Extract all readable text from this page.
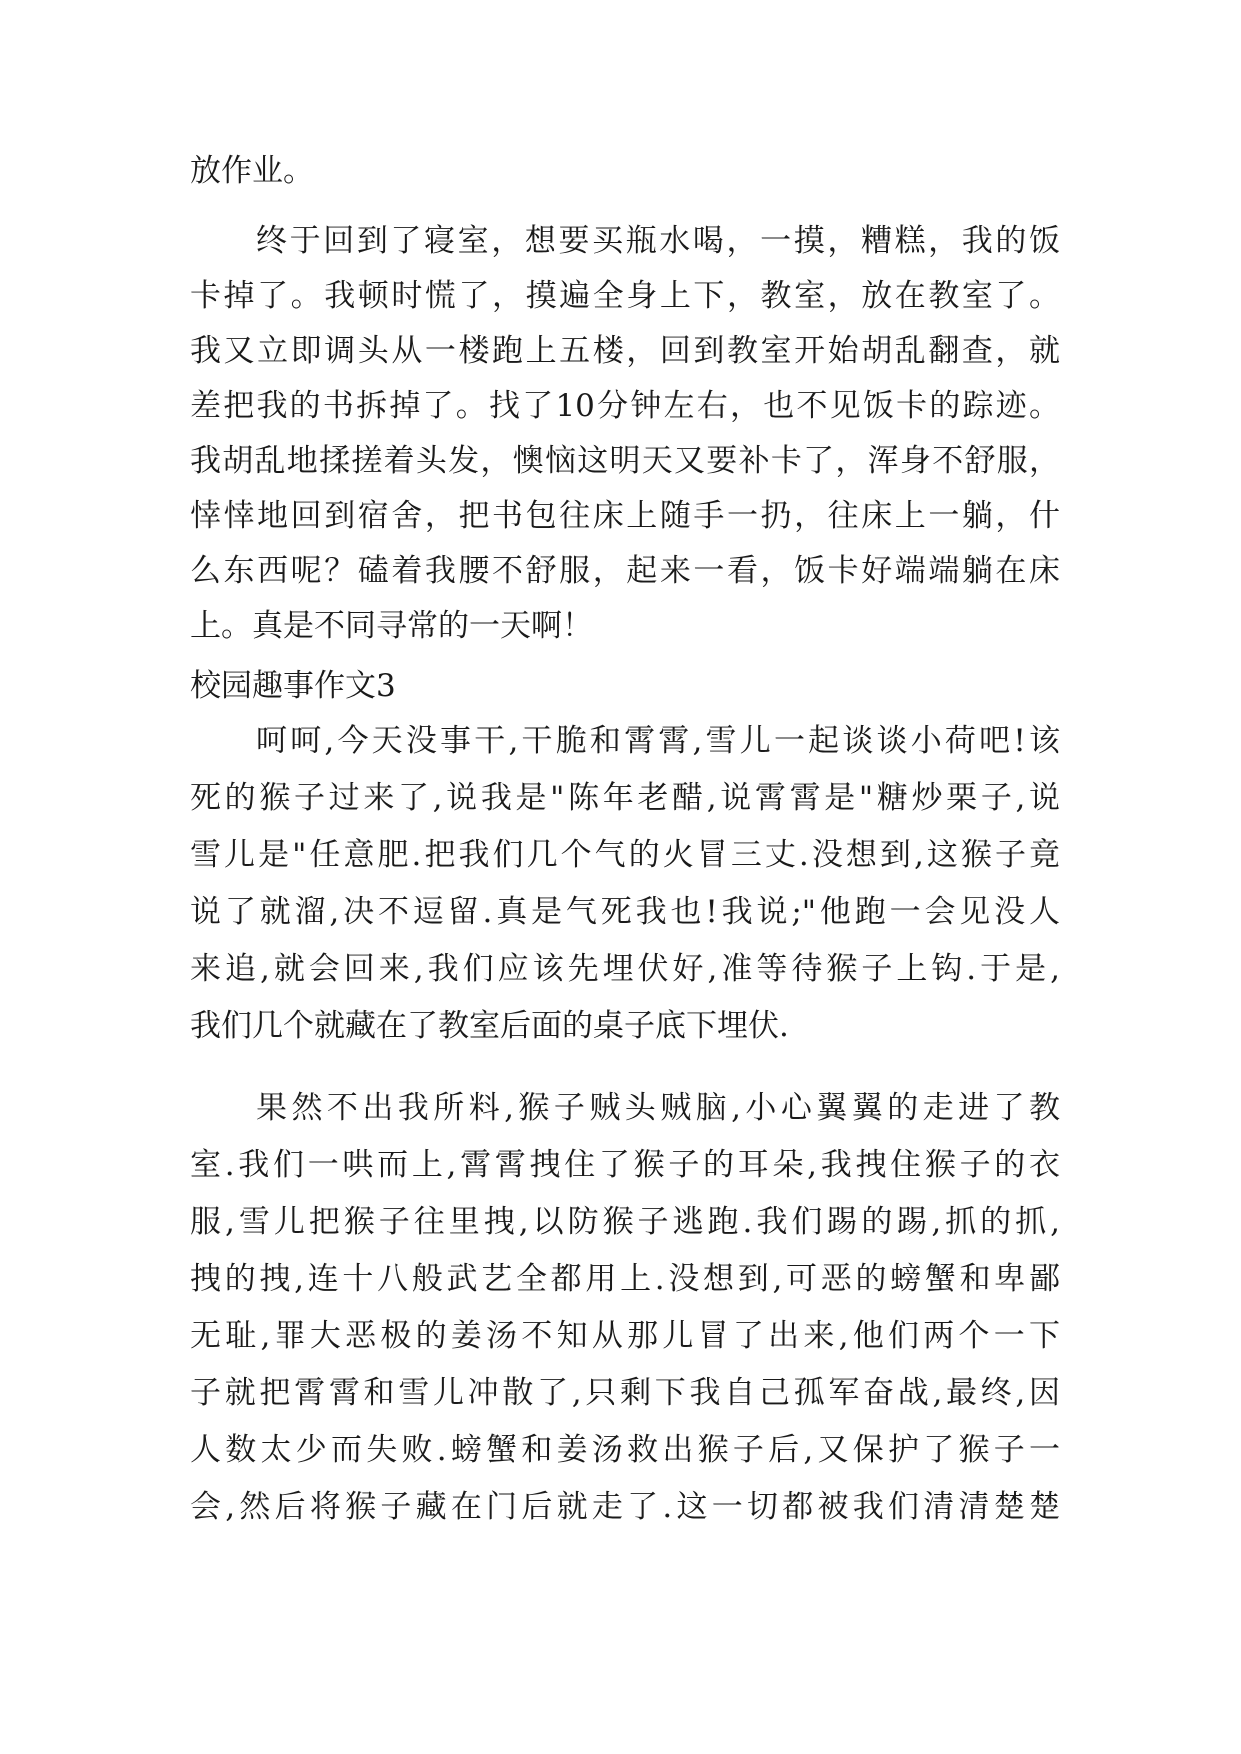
放作业。
终于回到了寝室，想要买瓶水喝，一摸，糟糕，我的饭
卡掉了。我顿时慌了，摸遍全身上下，教室，放在教室了。
我又立即调头从一楼跑上五楼，回到教室开始胡乱翻查，就
差把我的书拆掉了。找了10分钟左右，也不见饭卡的踪迹。
我胡乱地揉搓着头发，懊恼这明天又要补卡了，浑身不舒服，
悻悻地回到宿舍，把书包往床上随手一扔，往床上一躺，什
么东西呢？磕着我腰不舒服，起来一看，饭卡好端端躺在床
上。真是不同寻常的一天啊！
校园趣事作文3
呵呵,今天没事干,干脆和霄霄,雪儿一起谈谈小荷吧!该
死的猴子过来了,说我是"陈年老醋,说霄霄是"糖炒栗子,说
雪儿是"任意肥.把我们几个气的火冒三丈.没想到,这猴子竟
说了就溜,决不逗留.真是气死我也!我说;"他跑一会见没人
来追,就会回来,我们应该先埋伏好,准等待猴子上钩.于是,
我们几个就藏在了教室后面的桌子底下埋伏.
果然不出我所料,猴子贼头贼脑,小心翼翼的走进了教
室.我们一哄而上,霄霄拽住了猴子的耳朵,我拽住猴子的衣
服,雪儿把猴子往里拽,以防猴子逃跑.我们踢的踢,抓的抓,
拽的拽,连十八般武艺全都用上.没想到,可恶的螃蟹和卑鄙
无耻,罪大恶极的姜汤不知从那儿冒了出来,他们两个一下
子就把霄霄和雪儿冲散了,只剩下我自己孤军奋战,最终,因
人数太少而失败.螃蟹和姜汤救出猴子后,又保护了猴子一
会,然后将猴子藏在门后就走了.这一切都被我们清清楚楚
